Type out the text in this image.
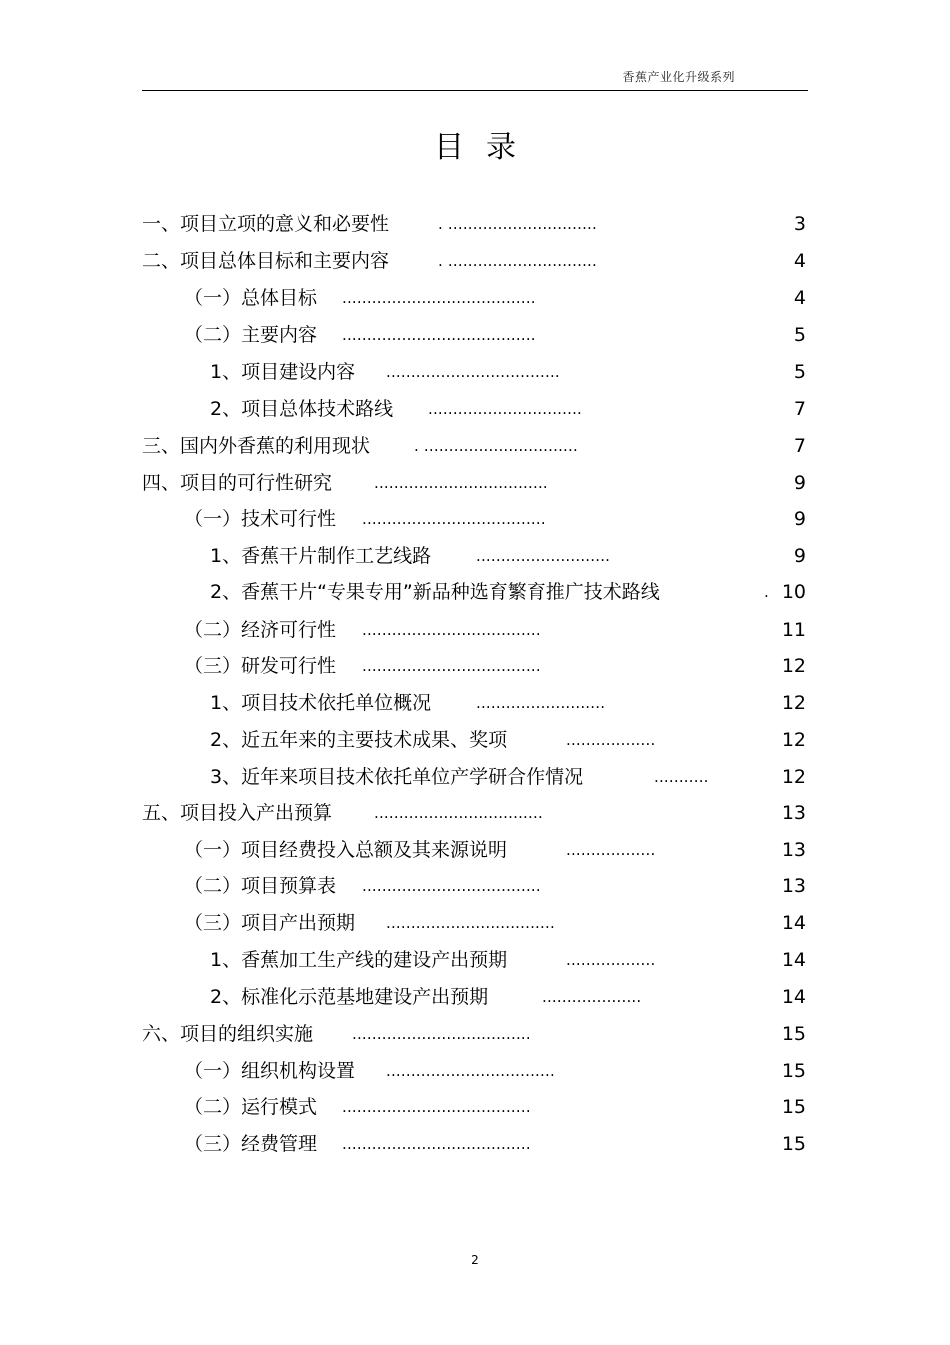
香蕉产业化升级系列
目录
一、项目立项的意义和必要性	. ..............................	3
二、项目总体目标和主要内容	. ..............................	4
（一）总体目标 .......................................	4
（二）主要内容 .......................................	5
1、项目建设内容 ...................................	5
2、项目总体技术路线 ...............................	7
三、国内外香蕉的利用现状	. ...............................	7
四、项目的可行性研究	...................................	9
（一）技术可行性 .....................................	9
1、香蕉干片制作工艺线路	...........................	9
2、香蕉干片“专果专用”新品种选育繁育推广技术路线	. 10
（二）经济可行性 ....................................	11
（三）研发可行性 ....................................	12
1、项目技术依托单位概况	..........................	12
2、近五年来的主要技术成果、奖项	..................	12
3、近年来项目技术依托单位产学研合作情况	...........	12
五、项目投入产出预算	..................................	13
（一）项目经费投入总额及其来源说明	..................	13
（二）项目预算表 ....................................	13
（三）项目产出预期 ..................................	14
1、香蕉加工生产线的建设产出预期	..................	14
2、标准化示范基地建设产出预期	....................	14
六、项目的组织实施	....................................	15
（一）组织机构设置 ..................................	15
（二）运行模式 ......................................	15
（三）经费管理 ......................................	15
2
